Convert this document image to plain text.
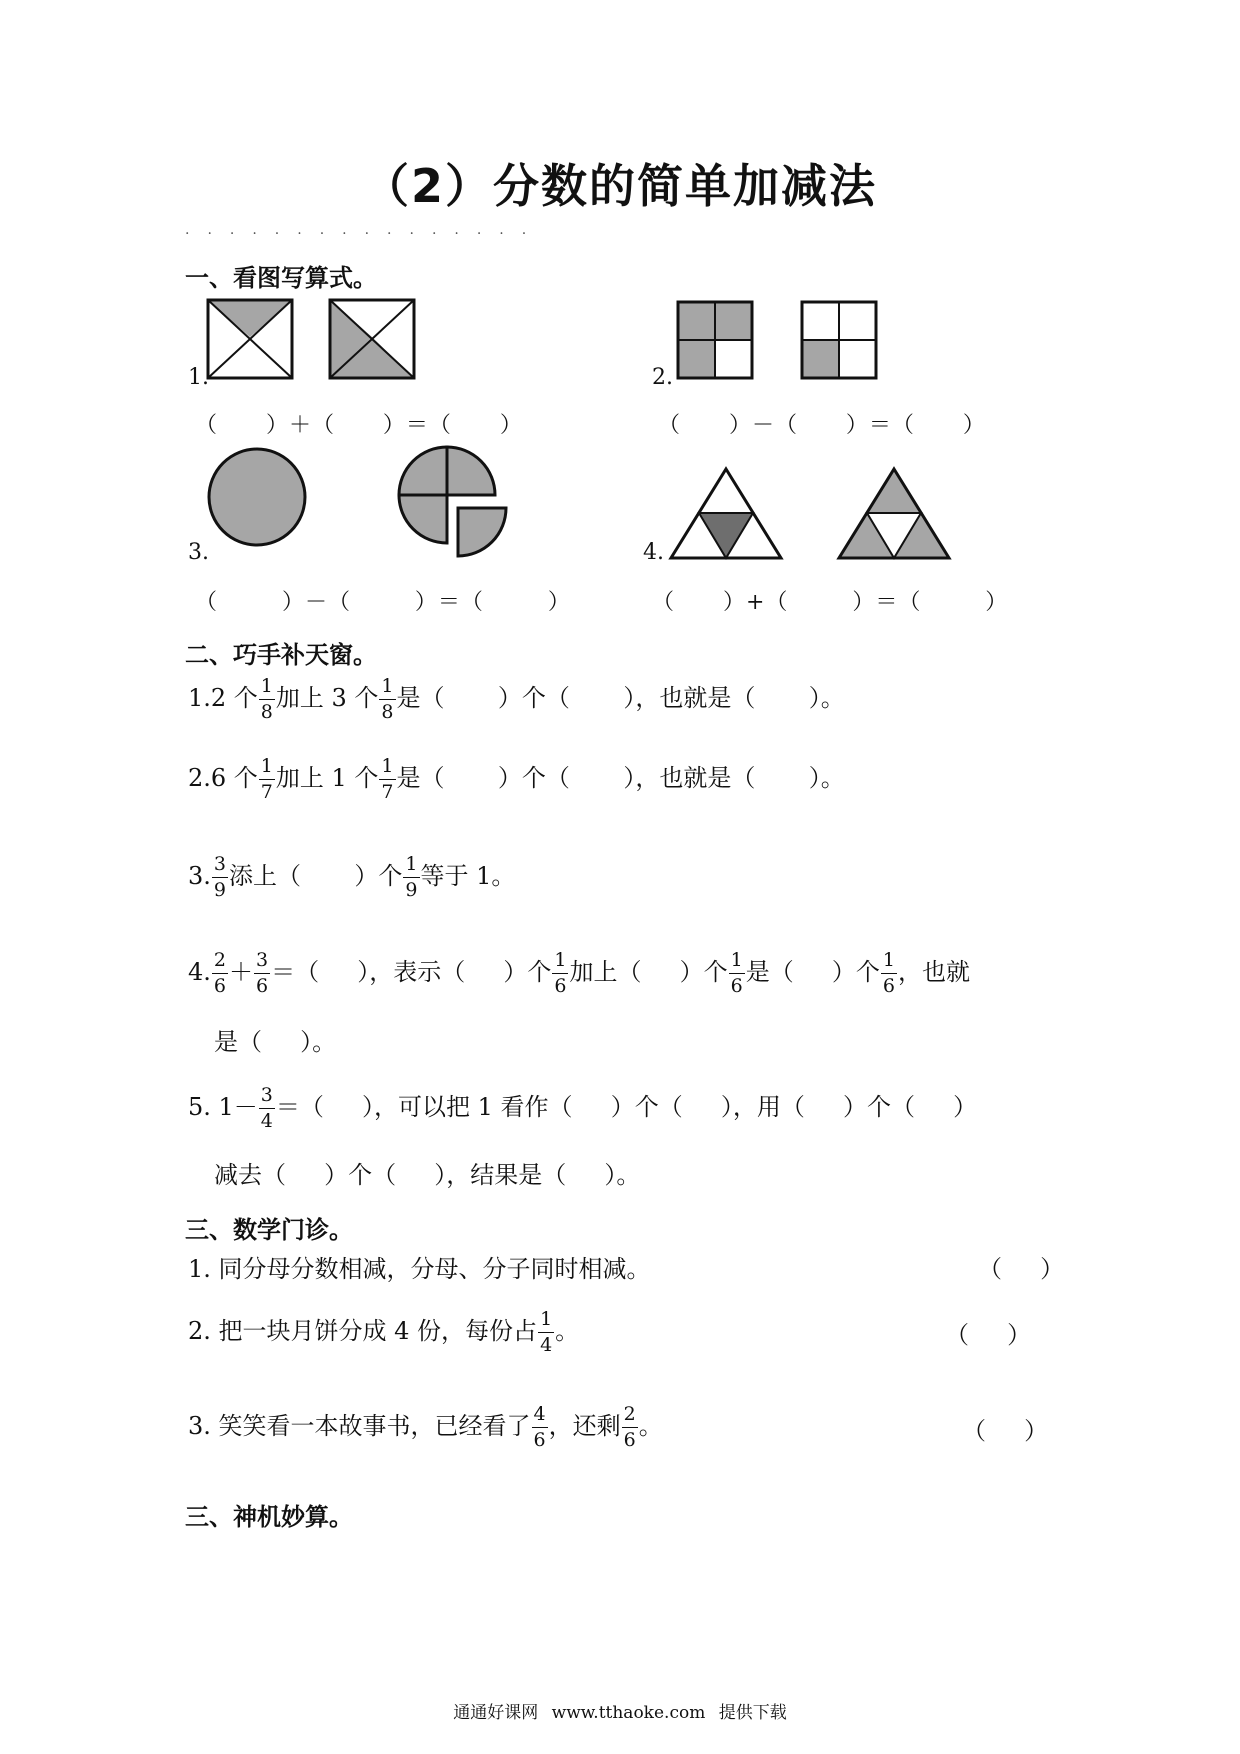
（2）分数的简单加减法
................
一、看图写算式。
1.
（      ）＋（      ）＝（      ）
2.
（      ）－（      ）＝（      ）
3.
（        ）－（        ）＝（        ）
4.
（      ）+（        ）＝（        ）
二、巧手补天窗。
1.2 个 $\frac{1}{8}$ 加上 3 个 $\frac{1}{8}$ 是（       ）个（       ），也就是（       ）。
2.6 个 $\frac{1}{7}$ 加上 1 个 $\frac{1}{7}$ 是（       ）个（       ），也就是（       ）。
3. $\frac{3}{9}$ 添上（       ）个 $\frac{1}{9}$ 等于 1。
4. $\frac{2}{6} + \frac{3}{6}$ ＝（     ），表示（     ）个 $\frac{1}{6}$ 加上（     ）个 $\frac{1}{6}$ 是（     ）个 $\frac{1}{6}$ ，也就
是（     ）。
5. $1- \frac{3}{4}$ ＝（     ），可以把 1 看作（     ）个（     ），用（     ）个（     ）
减去（     ）个（     ），结果是（     ）。
三、数学门诊。
1. 同分母分数相减，分母、分子同时相减。	（     ）
2. 把一块月饼分成 4 份，每份占 $\frac{1}{4}$ 。	（     ）
3. 笑笑看一本故事书，已经看了 $\frac{4}{6}$ ，还剩 $\frac{2}{6}$ 。	（     ）
三、神机妙算。
通通好课网 www.tthaoke.com 提供下载
